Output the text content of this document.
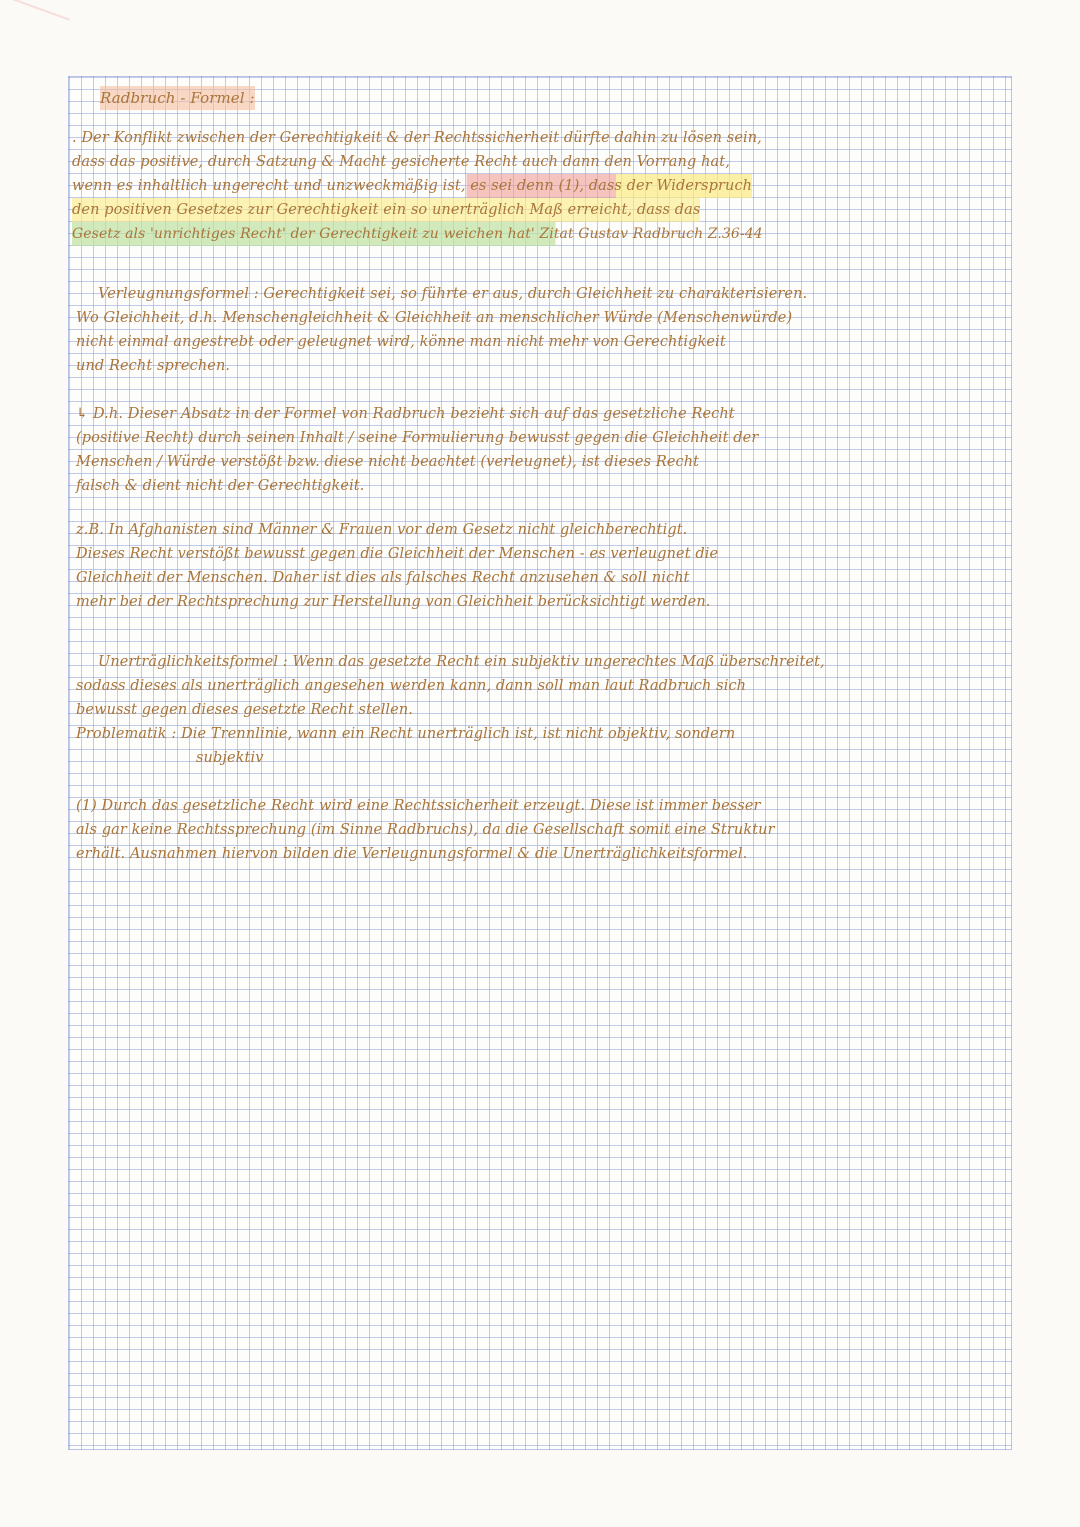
Radbruch - Formel :
. Der Konflikt zwischen der Gerechtigkeit & der Rechtssicherheit dürfte dahin zu lösen sein,
dass das positive, durch Satzung & Macht gesicherte Recht auch dann den Vorrang hat,
wenn es inhaltlich ungerecht und unzweckmäßig ist, es sei denn (1), dass der Widerspruch
den positiven Gesetzes zur Gerechtigkeit ein so unerträglich Maß erreicht, dass das
Gesetz als 'unrichtiges Recht' der Gerechtigkeit zu weichen hat' Zitat Gustav Radbruch Z.36-44
Verleugnungsformel : Gerechtigkeit sei, so führte er aus, durch Gleichheit zu charakterisieren.
Wo Gleichheit, d.h. Menschengleichheit & Gleichheit an menschlicher Würde (Menschenwürde)
nicht einmal angestrebt oder geleugnet wird, könne man nicht mehr von Gerechtigkeit
und Recht sprechen.
↳ D.h. Dieser Absatz in der Formel von Radbruch bezieht sich auf das gesetzliche Recht
(positive Recht) durch seinen Inhalt / seine Formulierung bewusst gegen die Gleichheit der
Menschen / Würde verstößt bzw. diese nicht beachtet (verleugnet), ist dieses Recht
falsch & dient nicht der Gerechtigkeit.
z.B. In Afghanisten sind Männer & Frauen vor dem Gesetz nicht gleichberechtigt.
Dieses Recht verstößt bewusst gegen die Gleichheit der Menschen - es verleugnet die
Gleichheit der Menschen. Daher ist dies als falsches Recht anzusehen & soll nicht
mehr bei der Rechtsprechung zur Herstellung von Gleichheit berücksichtigt werden.
Unerträglichkeitsformel : Wenn das gesetzte Recht ein subjektiv ungerechtes Maß überschreitet,
sodass dieses als unerträglich angesehen werden kann, dann soll man laut Radbruch sich
bewusst gegen dieses gesetzte Recht stellen.
Problematik : Die Trennlinie, wann ein Recht unerträglich ist, ist nicht objektiv, sondern
subjektiv
(1) Durch das gesetzliche Recht wird eine Rechtssicherheit erzeugt. Diese ist immer besser
als gar keine Rechtssprechung (im Sinne Radbruchs), da die Gesellschaft somit eine Struktur
erhält. Ausnahmen hiervon bilden die Verleugnungsformel & die Unerträglichkeitsformel.
